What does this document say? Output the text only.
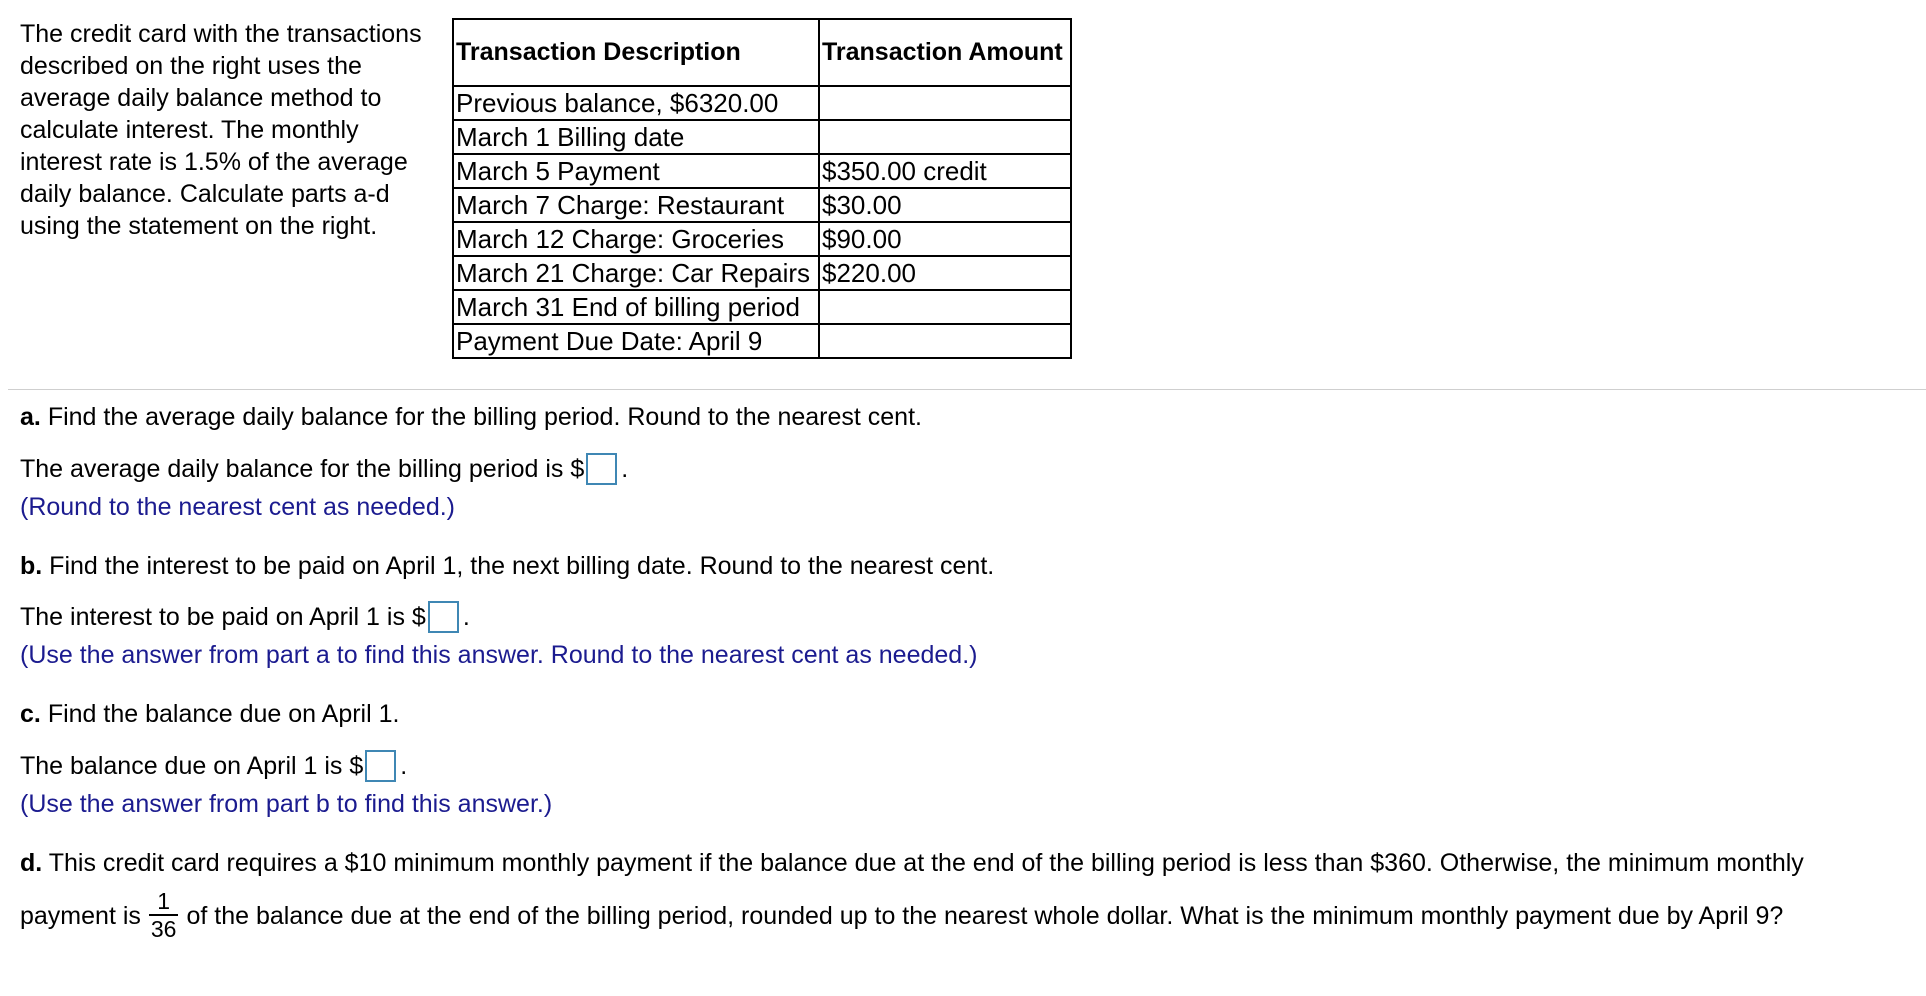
The credit card with the transactions described on the right uses the average daily balance method to calculate interest. The monthly interest rate is 1.5% of the average daily balance. Calculate parts a-d using the statement on the right.
Transaction Description	Transaction Amount
Previous balance, $6320.00	
March 1 Billing date	
March 5 Payment	$350.00 credit
March 7 Charge: Restaurant	$30.00
March 12 Charge: Groceries	$90.00
March 21 Charge: Car Repairs	$220.00
March 31 End of billing period	
Payment Due Date: April 9	
a. Find the average daily balance for the billing period. Round to the nearest cent.
The average daily balance for the billing period is $ .
(Round to the nearest cent as needed.)
b. Find the interest to be paid on April 1, the next billing date. Round to the nearest cent.
The interest to be paid on April 1 is $ .
(Use the answer from part a to find this answer. Round to the nearest cent as needed.)
c. Find the balance due on April 1.
The balance due on April 1 is $ .
(Use the answer from part b to find this answer.)
d. This credit card requires a $10 minimum monthly payment if the balance due at the end of the billing period is less than $360. Otherwise, the minimum monthly
payment is $\frac{1}{36}$ of the balance due at the end of the billing period, rounded up to the nearest whole dollar. What is the minimum monthly payment due by April 9?
